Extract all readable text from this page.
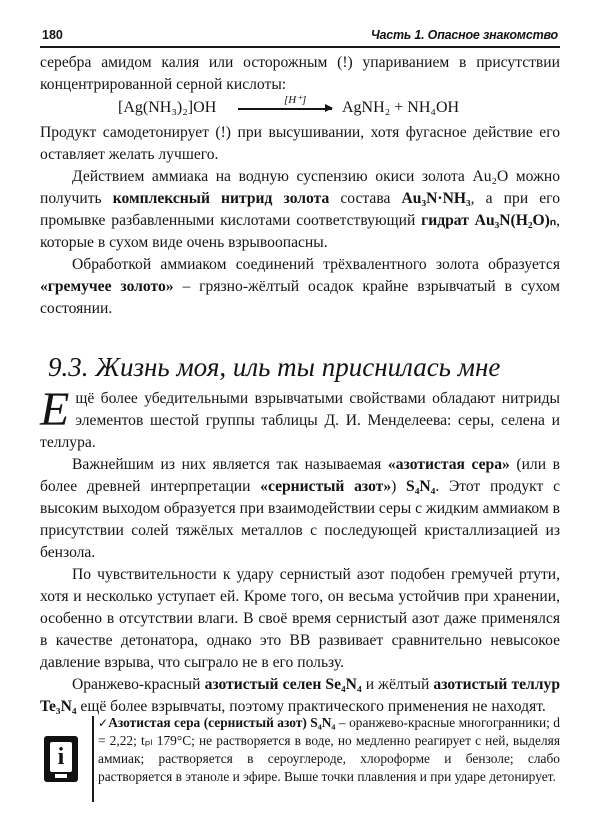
180	Часть 1. Опасное знакомство

серебра амидом калия или осторожным (!) упариванием в присутствии концентрированной серной кислоты:

[Ag(NH₃)₂]OH	[H⁺] AgNH₂ + NH₄OH

Продукт самодетонирует (!) при высушивании, хотя фугасное действие его оставляет желать лучшего.

Действием аммиака на водную суспензию окиси золота Au₂O можно получить комплексный нитрид золота состава Au₃N·NH₃, а при его промывке разбавленными кислотами соответствующий гидрат Au₃N(H₂O)ₙ, которые в сухом виде очень взрывоопасны.

Обработкой аммиаком соединений трёхвалентного золота образуется «гремучее золото» – грязно-жёлтый осадок крайне взрывчатый в сухом состоянии.

9.3. Жизнь моя, иль ты приснилась мне

Ещё более убедительными взрывчатыми свойствами обладают нитриды элементов шестой группы таблицы Д. И. Менделеева: серы, селена и теллура.

Важнейшим из них является так называемая «азотистая сера» (или в более древней интерпретации «сернистый азот») S₄N₄. Этот продукт с высоким выходом образуется при взаимодействии серы с жидким аммиаком в присутствии солей тяжёлых металлов с последующей кристаллизацией из бензола.

По чувствительности к удару сернистый азот подобен гремучей ртути, хотя и несколько уступает ей. Кроме того, он весьма устойчив при хранении, особенно в отсутствии влаги. В своё время сернистый азот даже применялся в качестве детонатора, однако это ВВ развивает сравнительно невысокое давление взрыва, что сыграло не в его пользу.

Оранжево-красный азотистый селен Se₄N₄ и жёлтый азотистый теллур Te₃N₄ ещё более взрывчаты, поэтому практического применения не находят.

i
✓Азотистая сера (сернистый азот) S₄N₄ – оранжево-красные многогранники; d = 2,22; tₚₗ 179°С; не растворяется в воде, но медленно реагирует с ней, выделяя аммиак; растворяется в сероуглероде, хлороформе и бензоле; слабо растворяется в этаноле и эфире. Выше точки плавления и при ударе детонирует.
